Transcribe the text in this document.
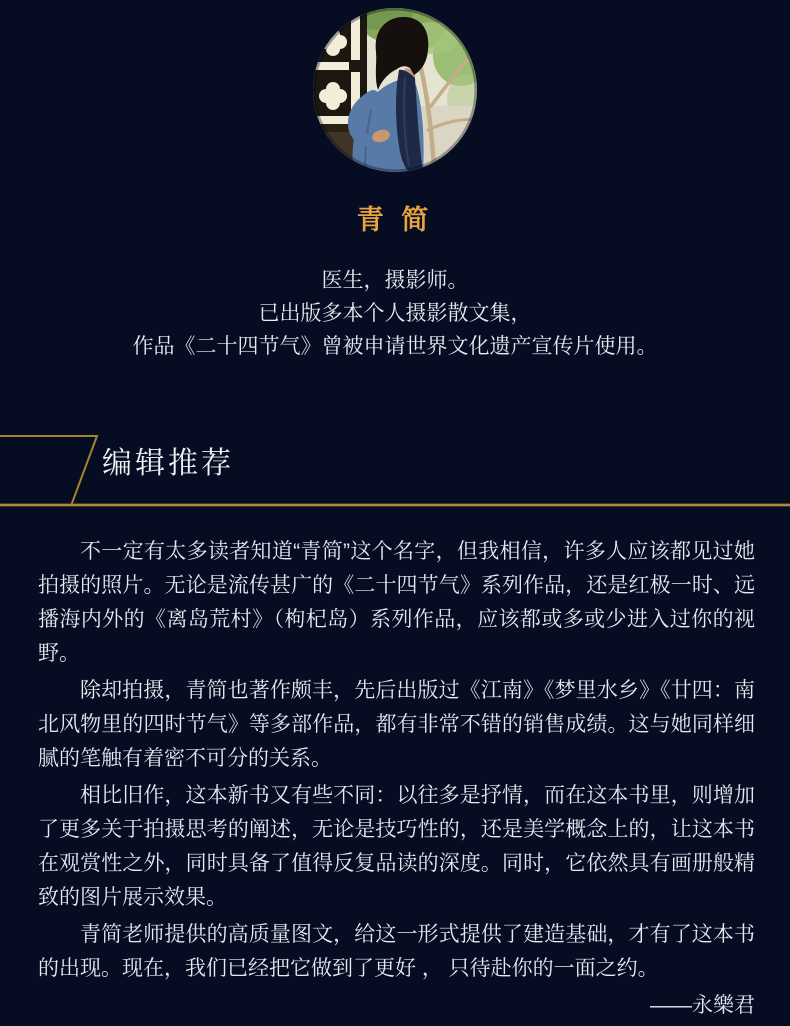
青 简
医生，摄影师。
已出版多本个人摄影散文集，
作品《二十四节气》曾被申请世界文化遗产宣传片使用。
编辑推荐

不一定有太多读者知道“青简”这个名字，但我相信，许多人应该都见过她拍摄的照片。无论是流传甚广的《二十四节气》系列作品，还是红极一时、远播海内外的《离岛荒村》（枸杞岛）系列作品，应该都或多或少进入过你的视野。

除却拍摄，青简也著作颇丰，先后出版过《江南》《梦里水乡》《廿四：南北风物里的四时节气》等多部作品，都有非常不错的销售成绩。这与她同样细腻的笔触有着密不可分的关系。

相比旧作，这本新书又有些不同：以往多是抒情，而在这本书里，则增加了更多关于拍摄思考的阐述，无论是技巧性的，还是美学概念上的，让这本书在观赏性之外，同时具备了值得反复品读的深度。同时，它依然具有画册般精致的图片展示效果。

青简老师提供的高质量图文，给这一形式提供了建造基础，才有了这本书的出现。现在，我们已经把它做到了更好 ， 只待赴你的一面之约。

——永樂君
